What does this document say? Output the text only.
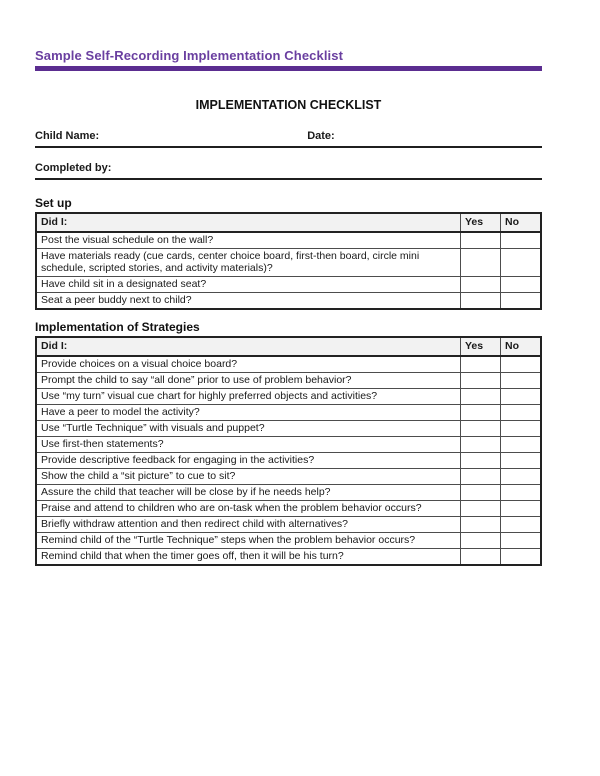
Sample Self-Recording Implementation Checklist
IMPLEMENTATION CHECKLIST
Child Name:	Date:
Completed by:
Set up
Did I:	Yes	No
Post the visual schedule on the wall?		
Have materials ready (cue cards, center choice board, first-then board, circle mini schedule, scripted stories, and activity materials)?		
Have child sit in a designated seat?		
Seat a peer buddy next to child?		
Implementation of Strategies
Did I:	Yes	No
Provide choices on a visual choice board?		
Prompt the child to say “all done” prior to use of problem behavior?		
Use “my turn” visual cue chart for highly preferred objects and activities?		
Have a peer to model the activity?		
Use “Turtle Technique” with visuals and puppet?		
Use first-then statements?		
Provide descriptive feedback for engaging in the activities?		
Show the child a “sit picture” to cue to sit?		
Assure the child that teacher will be close by if he needs help?		
Praise and attend to children who are on-task when the problem behavior occurs?		
Briefly withdraw attention and then redirect child with alternatives?		
Remind child of the “Turtle Technique” steps when the problem behavior occurs?		
Remind child that when the timer goes off, then it will be his turn?		
